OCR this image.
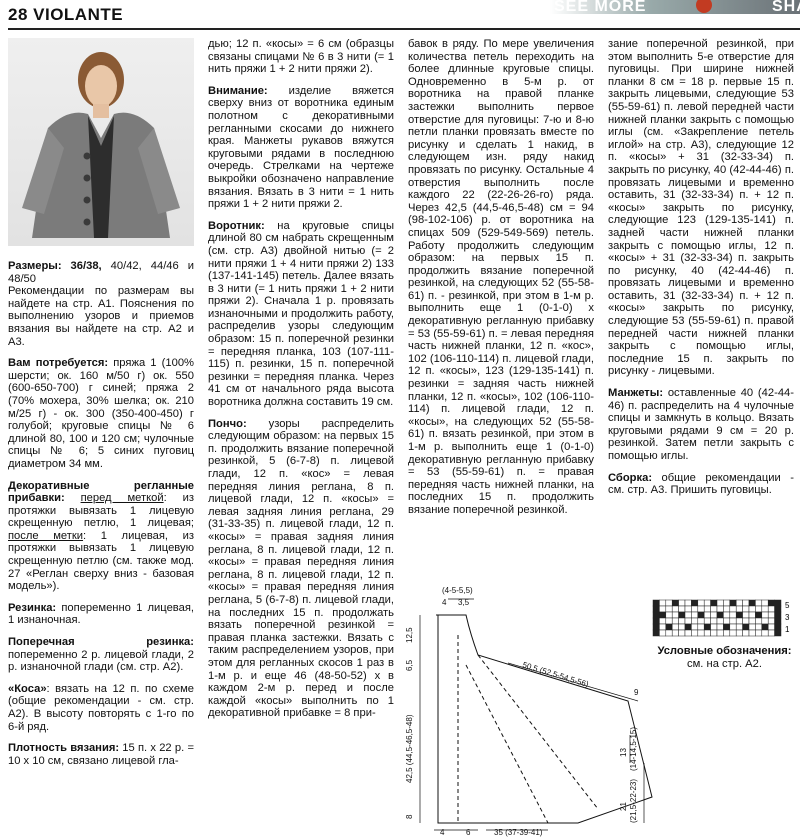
28 VIOLANTE	SEE MORE	SHA

Размеры: 36/38, 40/42, 44/46 и 48/50
Рекомендации по размерам вы найдете на стр. А1. Пояснения по выполнению узоров и приемов вязания вы найдете на стр. А2 и А3.

Вам потребуется: пряжа 1 (100% шерсти; ок. 160 м/50 г) ок. 550 (600-650-700) г синей; пряжа 2 (70% мохера, 30% шелка; ок. 210 м/25 г) - ок. 300 (350-400-450) г голубой; круговые спицы № 6 длиной 80, 100 и 120 см; чулочные спицы № 6; 5 синих пуговиц диаметром 34 мм.

Декоративные регланные прибавки: перед меткой: из протяжки вывязать 1 лицевую скрещенную петлю, 1 лицевая; после метки: 1 лицевая, из протяжки вывязать 1 лицевую скрещенную петлю (см. также мод. 27 «Реглан сверху вниз - базовая модель»).

Резинка: попеременно 1 лицевая, 1 изнаночная.

Поперечная резинка: попеременно 2 р. лицевой глади, 2 р. изнаночной глади (см. стр. А2).

«Коса»: вязать на 12 п. по схеме (общие рекомендации - см. стр. А2). В высоту повторять с 1-го по 6-й ряд.

Плотность вязания: 15 п. х 22 р. = 10 х 10 см, связано лицевой гла-

дью; 12 п. «косы» = 6 см (образцы связаны спицами № 6 в 3 нити (= 1 нить пряжи 1 + 2 нити пряжи 2).

Внимание: изделие вяжется сверху вниз от воротника единым полотном с декоративными регланными скосами до нижнего края. Манжеты рукавов вяжутся круговыми рядами в последнюю очередь. Стрелками на чертеже выкройки обозначено направление вязания. Вязать в 3 нити = 1 нить пряжи 1 + 2 нити пряжи 2.

Воротник: на круговые спицы длиной 80 см набрать скрещенным (см. стр. А3) двойной нитью (= 2 нити пряжи 1 + 4 нити пряжи 2) 133 (137-141-145) петель. Далее вязать в 3 нити (= 1 нить пряжи 1 + 2 нити пряжи 2). Сначала 1 р. провязать изнаночными и продолжить работу, распределив узоры следующим образом: 15 п. поперечной резинки = передняя планка, 103 (107-111-115) п. резинки, 15 п. поперечной резинки = передняя планка. Через 41 см от начального ряда высота воротника должна составить 19 см.

Пончо: узоры распределить следующим образом: на первых 15 п. продолжить вязание поперечной резинкой, 5 (6-7-8) п. лицевой глади, 12 п. «кос» = левая передняя линия реглана, 8 п. лицевой глади, 12 п. «косы» = левая задняя линия реглана, 29 (31-33-35) п. лицевой глади, 12 п. «косы» = правая задняя линия реглана, 8 п. лицевой глади, 12 п. «косы» = правая передняя линия реглана, 8 п. лицевой глади, 12 п. «косы» = правая передняя линия реглана, 5 (6-7-8) п. лицевой глади, на последних 15 п. продолжать вязать поперечной резинкой = правая планка застежки. Вязать с таким распределением узоров, при этом для регланных скосов 1 раз в 1-м р. и еще 46 (48-50-52) х в каждом 2-м р. перед и после каждой «косы» выполнить по 1 декоративной прибавке = 8 при-

бавок в ряду. По мере увеличения количества петель переходить на более длинные круговые спицы. Одновременно в 5-м р. от воротника на правой планке застежки выполнить первое отверстие для пуговицы: 7-ю и 8-ю петли планки провязать вместе по рисунку и сделать 1 накид, в следующем изн. ряду накид провязать по рисунку. Остальные 4 отверстия выполнить после каждого 22 (22-26-26-го) ряда. Через 42,5 (44,5-46,5-48) см = 94 (98-102-106) р. от воротника на спицах 509 (529-549-569) петель. Работу продолжить следующим образом: на первых 15 п. продолжить вязание поперечной резинкой, на следующих 52 (55-58-61) п. - резинкой, при этом в 1-м р. выполнить еще 1 (0-1-0) х декоративную регланную прибавку = 53 (55-59-61) п. = левая передняя часть нижней планки, 12 п. «кос», 102 (106-110-114) п. лицевой глади, 12 п. «косы», 123 (129-135-141) п. резинки = задняя часть нижней планки, 12 п. «косы», 102 (106-110-114) п. лицевой глади, 12 п. «косы», на следующих 52 (55-58-61) п. вязать резинкой, при этом в 1-м р. выполнить еще 1 (0-1-0) декоративную регланную прибавку = 53 (55-59-61) п. = правая передняя часть нижней планки, на последних 15 п. продолжить вязание поперечной резинкой.

зание поперечной резинкой, при этом выполнить 5-е отверстие для пуговицы. При ширине нижней планки 8 см = 18 р. первые 15 п. закрыть лицевыми, следующие 53 (55-59-61) п. левой передней части нижней планки закрыть с помощью иглы (см. «Закрепление петель иглой» на стр. А3), следующие 12 п. «косы» + 31 (32-33-34) п. закрыть по рисунку, 40 (42-44-46) п. провязать лицевыми и временно оставить, 31 (32-33-34) п. + 12 п. «косы» закрыть по рисунку, следующие 123 (129-135-141) п. задней части нижней планки закрыть с помощью иглы, 12 п. «косы» + 31 (32-33-34) п. закрыть по рисунку, 40 (42-44-46) п. провязать лицевыми и временно оставить, 31 (32-33-34) п. + 12 п. «косы» закрыть по рисунку, следующие 53 (55-59-61) п. правой передней части нижней планки закрыть с помощью иглы, последние 15 п. закрыть по рисунку - лицевыми.

Манжеты: оставленные 40 (42-44-46) п. распределить на 4 чулочные спицы и замкнуть в кольцо. Вязать круговыми рядами 9 см = 20 р. резинкой. Затем петли закрыть с помощью иглы.

Сборка: общие рекомендации - см. стр. А3. Пришить пуговицы.

(4-5-5,5)
4 3,5
12,5
6,5
42,5 (44,5-46,5-48)
8
50,5 (52,5-54,5-56)
9
13 (14-14,5-15)
21 (21,5-22-23)
4	6	35 (37-39-41)
5
3
1
Условные обозначения:
см. на стр. А2.
